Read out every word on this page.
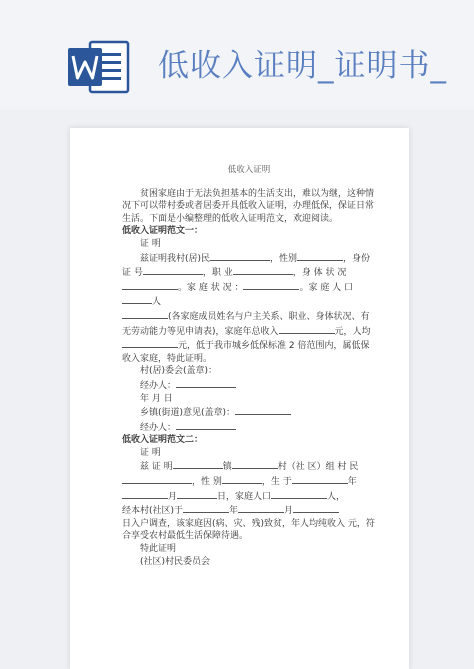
低收入证明_证明书_

低收入证明

贫困家庭由于无法负担基本的生活支出，难以为继，这种情况下可以带村委或者居委开具低收入证明，办理低保，保证日常生活。下面是小编整理的低收入证明范文，欢迎阅读。

低收入证明范文一：

证 明

兹证明我村(居)民	，性别	，身份

证 号	，职 业	，身 体 状 况

。家 庭 状 况 ：	。家 庭 人 口人

(各家庭成员姓名与户主关系、职业、身体状况、有无劳动能力等见申请表)，家庭年总收入	元，人均

元，低于我市城乡低保标准 2 倍范围内，属低保收入家庭，特此证明。

村(居)委会(盖章)：

经办人：

年 月 日

乡镇(街道)意见(盖章)：

经办人：

低收入证明范文二：

证 明

兹 证 明	镇	村（社 区）组 村 民

，性 别	，生 于	年

月	日，家庭人口	人，

经本村(社区)于	年	月

日入户调查，该家庭因(病、灾、残)致贫，年人均纯收入 元，符合享受农村最低生活保障待遇。

特此证明

(社区)村民委员会
